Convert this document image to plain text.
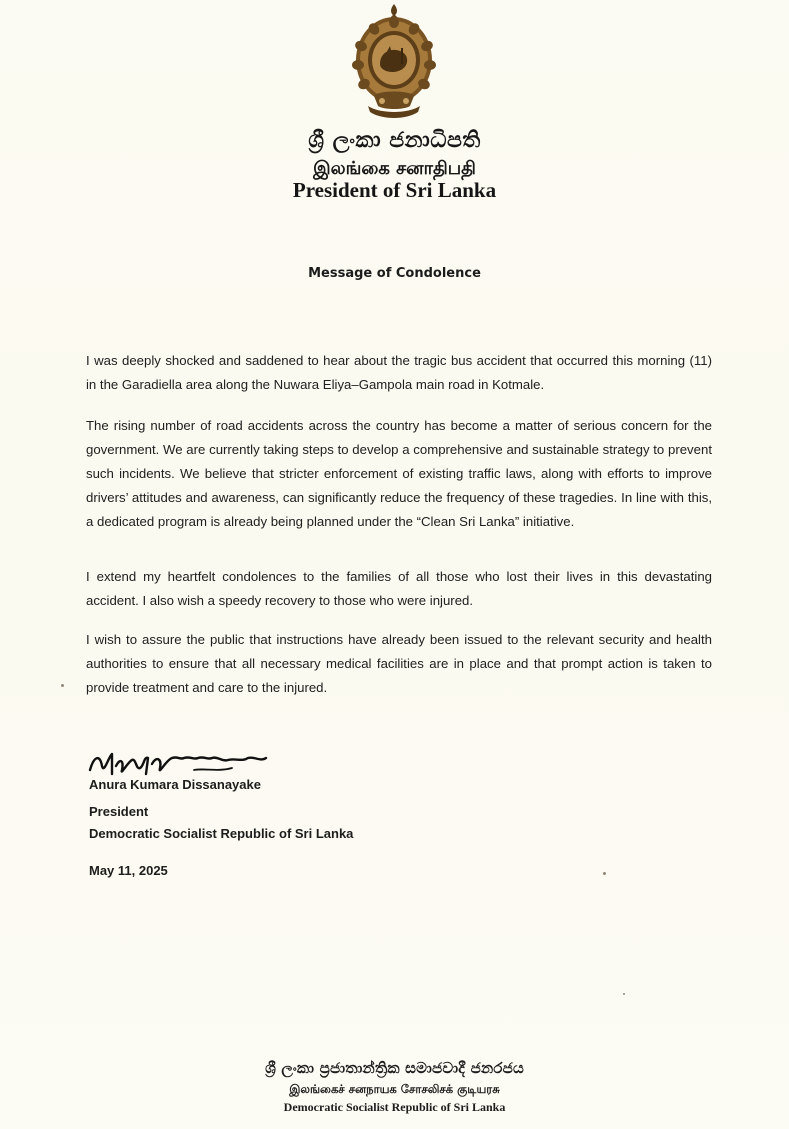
ශ්‍රී ලංකා ජනාධිපති
இலங்கை சனாதிபதி
President of Sri Lanka
Message of Condolence

I was deeply shocked and saddened to hear about the tragic bus accident that occurred this morning (11) in the Garadiella area along the Nuwara Eliya–Gampola main road in Kotmale.

The rising number of road accidents across the country has become a matter of serious concern for the government. We are currently taking steps to develop a comprehensive and sustainable strategy to prevent such incidents. We believe that stricter enforcement of existing traffic laws, along with efforts to improve drivers’ attitudes and awareness, can significantly reduce the frequency of these tragedies. In line with this, a dedicated program is already being planned under the “Clean Sri Lanka” initiative.

I extend my heartfelt condolences to the families of all those who lost their lives in this devastating accident. I also wish a speedy recovery to those who were injured.

I wish to assure the public that instructions have already been issued to the relevant security and health authorities to ensure that all necessary medical facilities are in place and that prompt action is taken to provide treatment and care to the injured.

Anura Kumara Dissanayake
President
Democratic Socialist Republic of Sri Lanka
May 11, 2025
ශ්‍රී ලංකා ප්‍රජාතාන්ත්‍රික සමාජවාදී ජනරජය
இலங்கைச் சனநாயக சோசலிசக் குடியரசு
Democratic Socialist Republic of Sri Lanka
